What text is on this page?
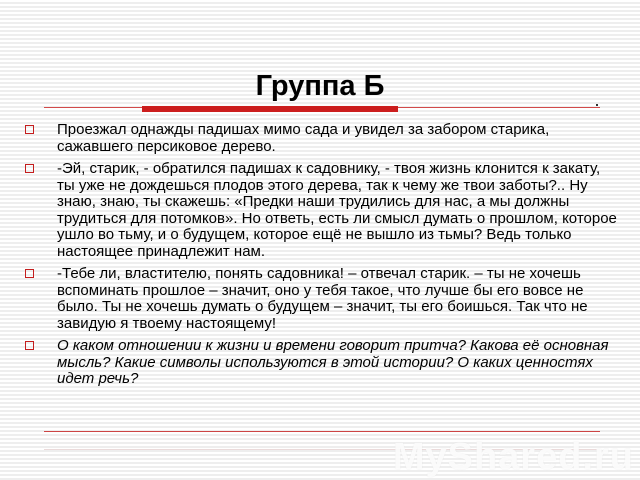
Группа Б
Проезжал однажды падишах мимо сада и увидел за забором старика, сажавшего персиковое дерево.
-Эй, старик, - обратился падишах к садовнику, - твоя жизнь клонится к закату, ты уже не дождешься плодов этого дерева, так к чему же твои заботы?.. Ну знаю, знаю, ты скажешь: «Предки наши трудились для нас, а мы должны трудиться для потомков». Но ответь, есть ли смысл думать о прошлом, которое ушло во тьму, и о будущем, которое ещё не вышло из тьмы? Ведь только настоящее принадлежит нам.
-Тебе ли, властителю, понять садовника! – отвечал старик. – ты не хочешь вспоминать прошлое – значит, оно у тебя такое, что лучше бы его вовсе не было. Ты не хочешь думать о будущем – значит, ты его боишься. Так что не завидую я твоему настоящему!
О каком отношении к жизни и времени говорит притча? Какова её основная мысль? Какие символы используются в этой истории? О каких ценностях идет речь?
MyShared.ru
